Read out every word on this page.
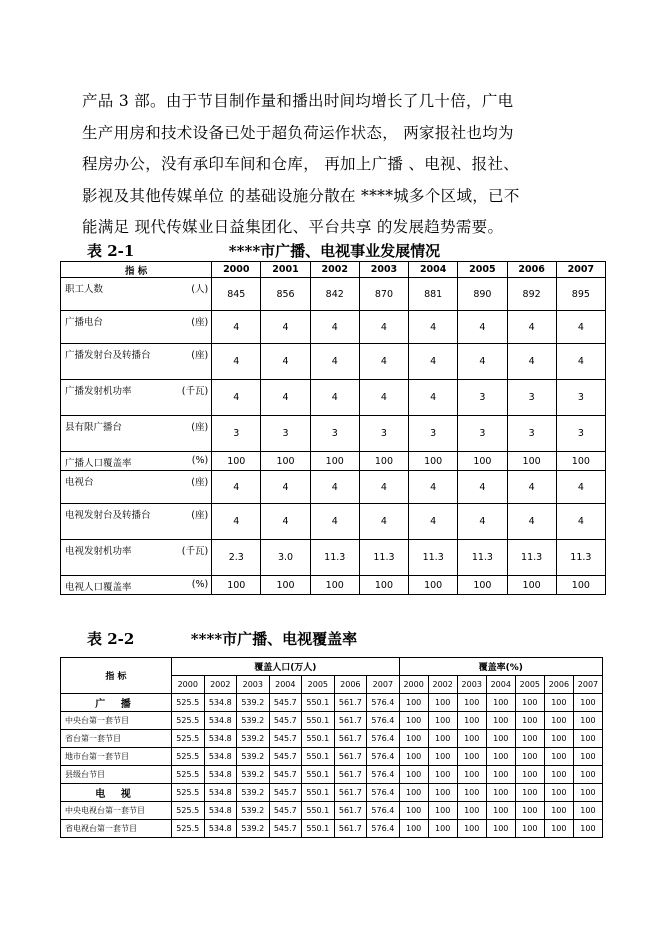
产品 3 部。由于节目制作量和播出时间均增长了几十倍，广电
生产用房和技术设备已处于超负荷运作状态， 两家报社也均为
程房办公，没有承印车间和仓库， 再加上广播 、电视、报社、
影视及其他传媒单位 的基础设施分散在 ****城多个区域，已不
能满足 现代传媒业日益集团化、平台共享 的发展趋势需要。
表 2-1	****市广播、电视事业发展情况
指 标	2000	2001	2002	2003	2004	2005	2006	2007
职工人数 (人)	845	856	842	870	881	890	892	895
广播电台 (座)	4	4	4	4	4	4	4	4
广播发射台及转播台 (座)	4	4	4	4	4	4	4	4
广播发射机功率 (千瓦)	4	4	4	4	4	3	3	3
县有限广播台 (座)	3	3	3	3	3	3	3	3
广播人口覆盖率 (%)	100	100	100	100	100	100	100	100
电视台 (座)	4	4	4	4	4	4	4	4
电视发射台及转播台 (座)	4	4	4	4	4	4	4	4
电视发射机功率 (千瓦)	2.3	3.0	11.3	11.3	11.3	11.3	11.3	11.3
电视人口覆盖率 (%)	100	100	100	100	100	100	100	100
表 2-2	****市广播、电视覆盖率
指 标	覆盖人口(万人)							覆盖率(%)						
	2000	2002	2003	2004	2005	2006	2007	2000	2002	2003	2004	2005	2006	2007
广 播	525.5	534.8	539.2	545.7	550.1	561.7	576.4	100	100	100	100	100	100	100
中央台第一套节目	525.5	534.8	539.2	545.7	550.1	561.7	576.4	100	100	100	100	100	100	100
省台第一套节目	525.5	534.8	539.2	545.7	550.1	561.7	576.4	100	100	100	100	100	100	100
地市台第一套节目	525.5	534.8	539.2	545.7	550.1	561.7	576.4	100	100	100	100	100	100	100
县级台节目	525.5	534.8	539.2	545.7	550.1	561.7	576.4	100	100	100	100	100	100	100
电 视	525.5	534.8	539.2	545.7	550.1	561.7	576.4	100	100	100	100	100	100	100
中央电视台第一套节目	525.5	534.8	539.2	545.7	550.1	561.7	576.4	100	100	100	100	100	100	100
省电视台第一套节目	525.5	534.8	539.2	545.7	550.1	561.7	576.4	100	100	100	100	100	100	100
